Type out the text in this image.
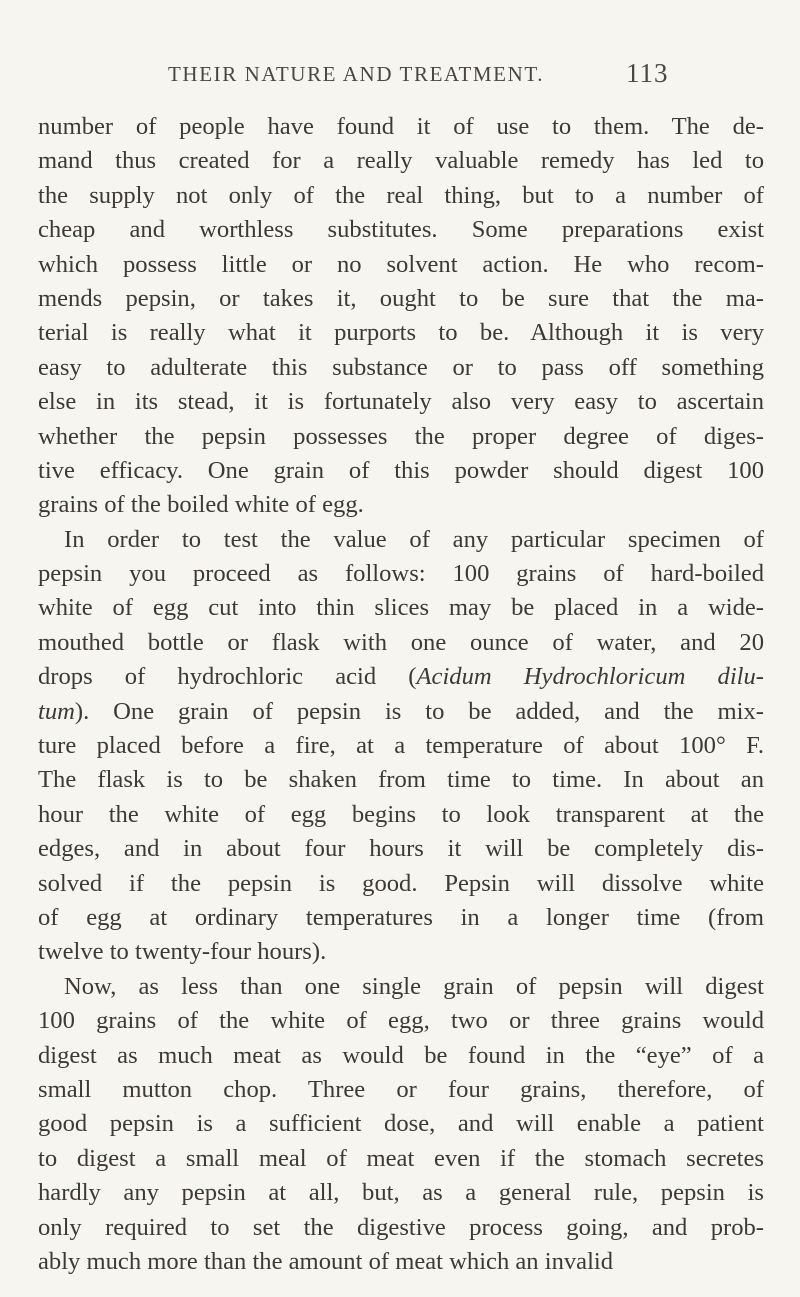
THEIR NATURE AND TREATMENT.	113
number of people have found it of use to them. The de-
mand thus created for a really valuable remedy has led to
the supply not only of the real thing, but to a number of
cheap and worthless substitutes. Some preparations exist
which possess little or no solvent action. He who recom-
mends pepsin, or takes it, ought to be sure that the ma-
terial is really what it purports to be. Although it is very
easy to adulterate this substance or to pass off something
else in its stead, it is fortunately also very easy to ascertain
whether the pepsin possesses the proper degree of diges-
tive efficacy. One grain of this powder should digest 100
grains of the boiled white of egg.
In order to test the value of any particular specimen of
pepsin you proceed as follows: 100 grains of hard-boiled
white of egg cut into thin slices may be placed in a wide-
mouthed bottle or flask with one ounce of water, and 20
drops of hydrochloric acid (Acidum Hydrochloricum dilu-
tum). One grain of pepsin is to be added, and the mix-
ture placed before a fire, at a temperature of about 100° F.
The flask is to be shaken from time to time. In about an
hour the white of egg begins to look transparent at the
edges, and in about four hours it will be completely dis-
solved if the pepsin is good. Pepsin will dissolve white
of egg at ordinary temperatures in a longer time (from
twelve to twenty-four hours).
Now, as less than one single grain of pepsin will digest
100 grains of the white of egg, two or three grains would
digest as much meat as would be found in the “eye” of a
small mutton chop. Three or four grains, therefore, of
good pepsin is a sufficient dose, and will enable a patient
to digest a small meal of meat even if the stomach secretes
hardly any pepsin at all, but, as a general rule, pepsin is
only required to set the digestive process going, and prob-
ably much more than the amount of meat which an invalid
